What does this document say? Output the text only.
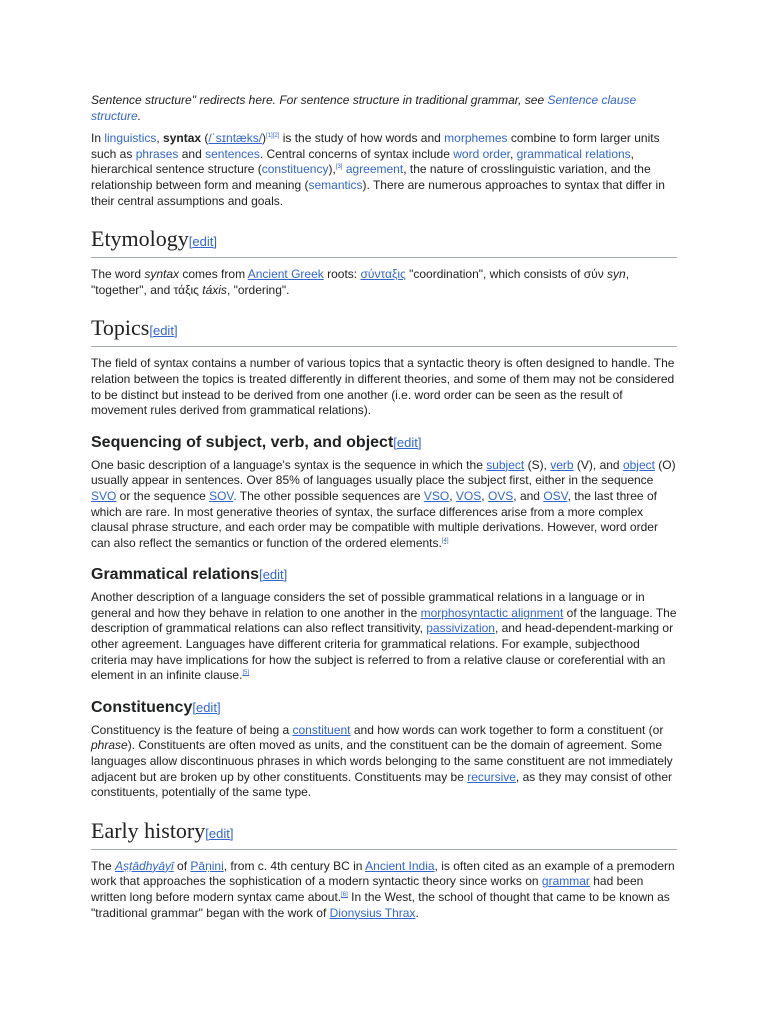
Sentence structure" redirects here. For sentence structure in traditional grammar, see Sentence clause structure.

In linguistics, syntax (/ˈsɪntæks/)[1][2] is the study of how words and morphemes combine to form larger units such as phrases and sentences. Central concerns of syntax include word order, grammatical relations, hierarchical sentence structure (constituency),[3] agreement, the nature of crosslinguistic variation, and the relationship between form and meaning (semantics). There are numerous approaches to syntax that differ in their central assumptions and goals.

Etymology[edit]

The word syntax comes from Ancient Greek roots: σύνταξις "coordination", which consists of σύν syn, "together", and τάξις táxis, "ordering".

Topics[edit]

The field of syntax contains a number of various topics that a syntactic theory is often designed to handle. The relation between the topics is treated differently in different theories, and some of them may not be considered to be distinct but instead to be derived from one another (i.e. word order can be seen as the result of movement rules derived from grammatical relations).

Sequencing of subject, verb, and object[edit]

One basic description of a language's syntax is the sequence in which the subject (S), verb (V), and object (O) usually appear in sentences. Over 85% of languages usually place the subject first, either in the sequence SVO or the sequence SOV. The other possible sequences are VSO, VOS, OVS, and OSV, the last three of which are rare. In most generative theories of syntax, the surface differences arise from a more complex clausal phrase structure, and each order may be compatible with multiple derivations. However, word order can also reflect the semantics or function of the ordered elements.[4]

Grammatical relations[edit]

Another description of a language considers the set of possible grammatical relations in a language or in general and how they behave in relation to one another in the morphosyntactic alignment of the language. The description of grammatical relations can also reflect transitivity, passivization, and head-dependent-marking or other agreement. Languages have different criteria for grammatical relations. For example, subjecthood criteria may have implications for how the subject is referred to from a relative clause or coreferential with an element in an infinite clause.[5]

Constituency[edit]

Constituency is the feature of being a constituent and how words can work together to form a constituent (or phrase). Constituents are often moved as units, and the constituent can be the domain of agreement. Some languages allow discontinuous phrases in which words belonging to the same constituent are not immediately adjacent but are broken up by other constituents. Constituents may be recursive, as they may consist of other constituents, potentially of the same type.

Early history[edit]

The Aṣṭādhyāyī of Pāṇini, from c. 4th century BC in Ancient India, is often cited as an example of a premodern work that approaches the sophistication of a modern syntactic theory since works on grammar had been written long before modern syntax came about.[6] In the West, the school of thought that came to be known as "traditional grammar" began with the work of Dionysius Thrax.
